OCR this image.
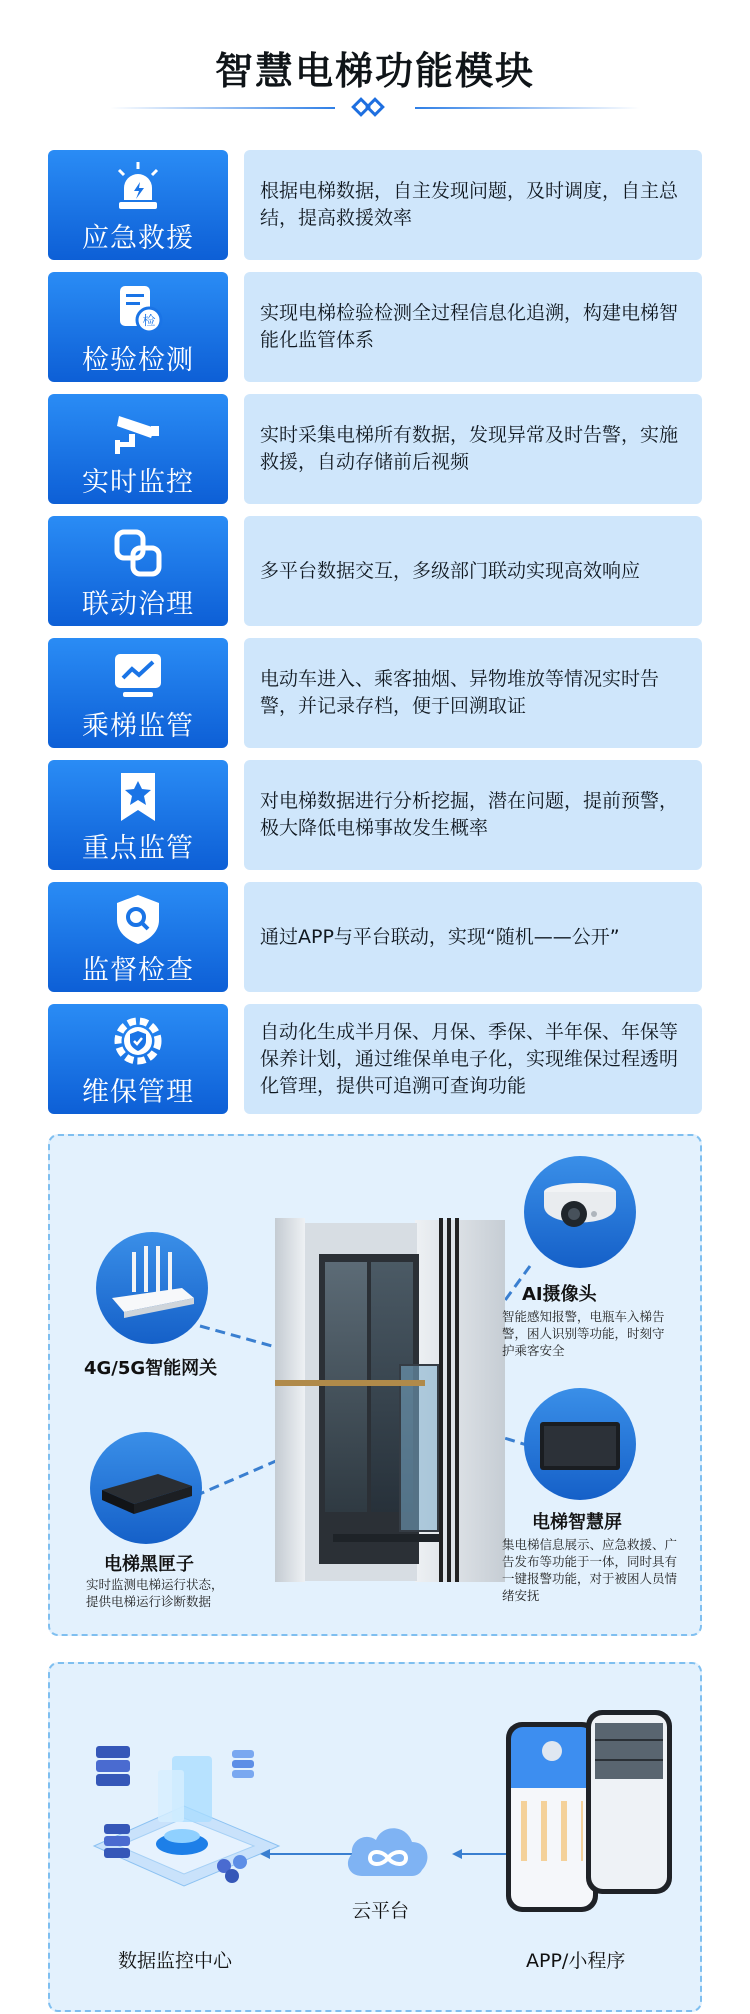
智慧电梯功能模块
应急救援
根据电梯数据，自主发现问题，及时调度，自主总结，提高救援效率
检
检验检测
实现电梯检验检测全过程信息化追溯，构建电梯智能化监管体系
实时监控
实时采集电梯所有数据，发现异常及时告警，实施救援，自动存储前后视频
联动治理
多平台数据交互，多级部门联动实现高效响应
乘梯监管
电动车进入、乘客抽烟、异物堆放等情况实时告警，并记录存档，便于回溯取证
重点监管
对电梯数据进行分析挖掘，潜在问题，提前预警，极大降低电梯事故发生概率
监督检查
通过APP与平台联动，实现“随机——公开”
维保管理
自动化生成半月保、月保、季保、半年保、年保等保养计划，通过维保单电子化，实现维保过程透明化管理，提供可追溯可查询功能
4G/5G智能网关
AI摄像头
智能感知报警，电瓶车入梯告警，困人识别等功能，时刻守护乘客安全
电梯黑匣子
实时监测电梯运行状态，提供电梯运行诊断数据
电梯智慧屏
集电梯信息展示、应急救援、广告发布等功能于一体，同时具有一键报警功能，对于被困人员情绪安抚
云平台
数据监控中心	APP/小程序
